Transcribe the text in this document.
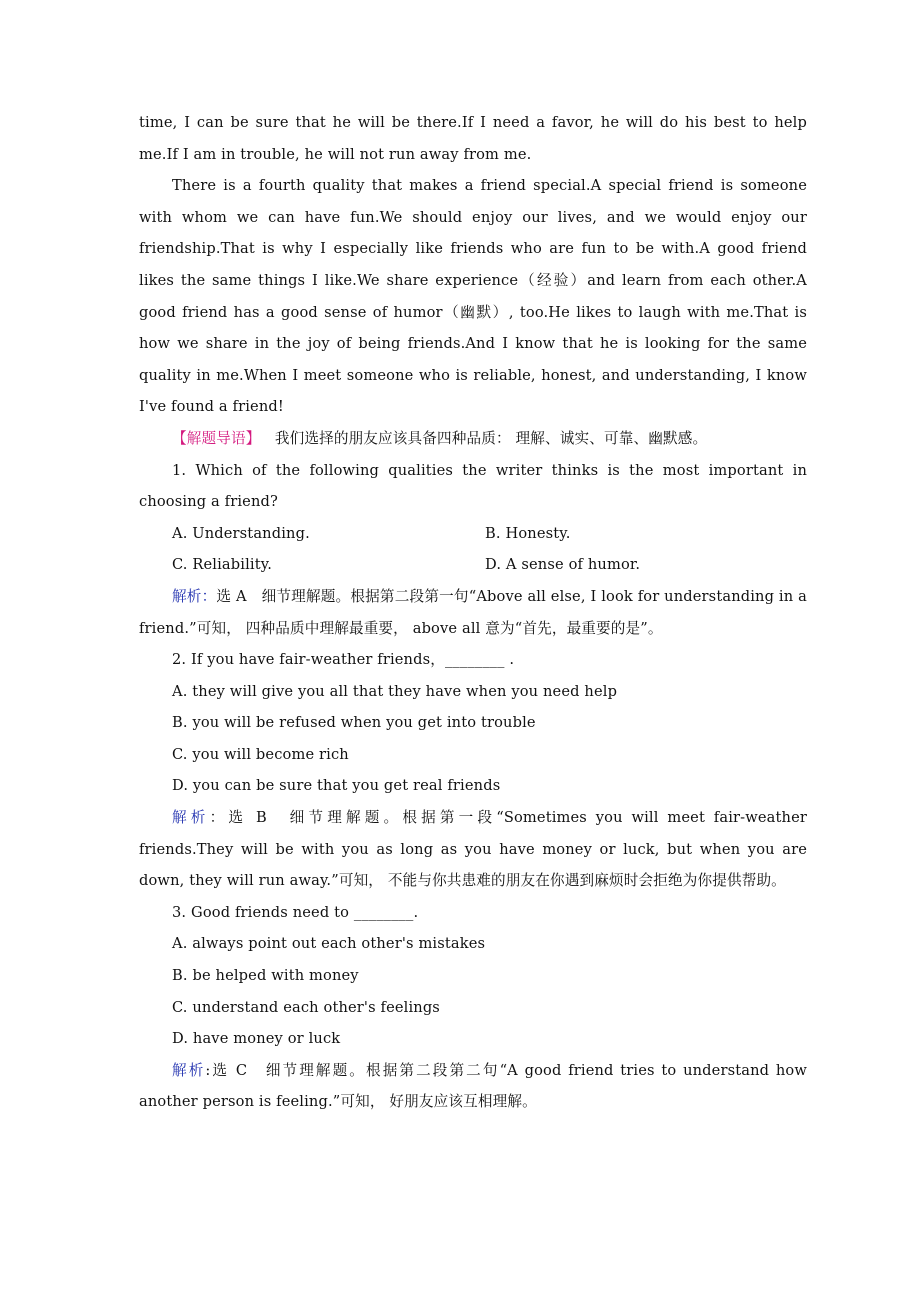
time, I can be sure that he will be there.If I need a favor, he will do his best to help me.If I am in trouble, he will not run away from me.

There is a fourth quality that makes a friend special.A special friend is someone with whom we can have fun.We should enjoy our lives, and we would enjoy our friendship.That is why I especially like friends who are fun to be with.A good friend likes the same things I like.We share experience（经验）and learn from each other.A good friend has a good sense of humor（幽默）, too.He likes to laugh with me.That is how we share in the joy of being friends.And I know that he is looking for the same quality in me.When I meet someone who is reliable, honest, and understanding, I know I've found a friend!

【解题导语】 我们选择的朋友应该具备四种品质： 理解、诚实、可靠、幽默感。

1. Which of the following qualities the writer thinks is the most important in choosing a friend?

A. Understanding.	B. Honesty.
C. Reliability.	D. A sense of humor.

解析：选 A　细节理解题。根据第二段第一句“Above all else, I look for understanding in a friend.”可知， 四种品质中理解最重要， above all 意为“首先，最重要的是”。

2. If you have fair-weather friends，________ .

A. they will give you all that they have when you need help

B. you will be refused when you get into trouble

C. you will become rich

D. you can be sure that you get real friends

解析：选 B　细节理解题。根据第一段“Sometimes you will meet fair-weather friends.They will be with you as long as you have money or luck, but when you are down, they will run away.”可知， 不能与你共患难的朋友在你遇到麻烦时会拒绝为你提供帮助。

3. Good friends need to ________.

A. always point out each other's mistakes

B. be helped with money

C. understand each other's feelings

D. have money or luck

解析:选 C　细节理解题。根据第二段第二句“A good friend tries to understand how another person is feeling.”可知， 好朋友应该互相理解。
